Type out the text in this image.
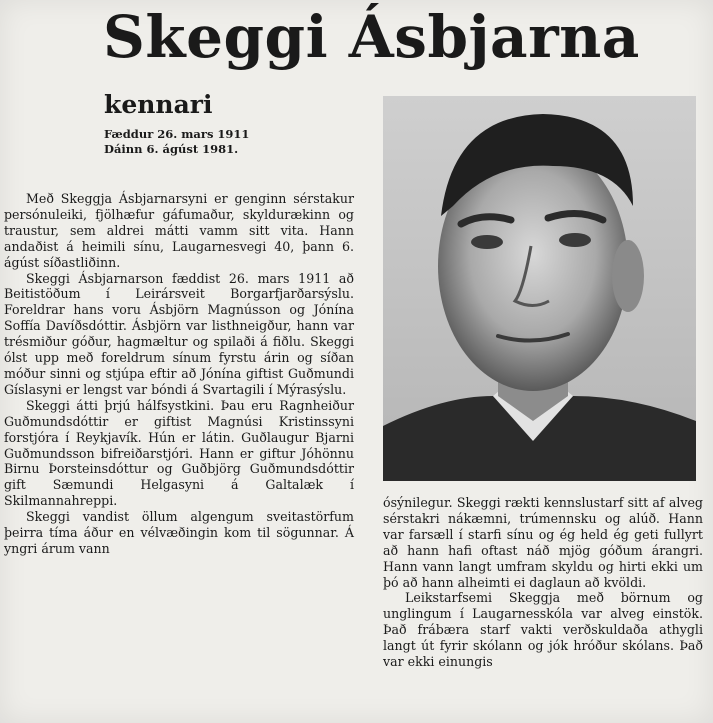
Skeggi Ásbjarna
kennari
Fæddur 26. mars 1911
Dáinn 6. ágúst 1981.

Með Skeggja Ásbjarnarsyni er genginn sérstakur persónuleiki, fjölhæfur gáfumaður, skyldurækinn og traustur, sem aldrei mátti vamm sitt vita. Hann andaðist á heimili sínu, Laugarnesvegi 40, þann 6. ágúst síðastliðinn.

Skeggi Ásbjarnarson fæddist 26. mars 1911 að Beitistöðum í Leirársveit Borgarfjarðarsýslu. Foreldrar hans voru Ásbjörn Magnússon og Jónína Soffía Davíðsdóttir. Ásbjörn var listhneigður, hann var trésmiður góður, hagmæltur og spilaði á fiðlu. Skeggi ólst upp með foreldrum sínum fyrstu árin og síðan móður sinni og stjúpa eftir að Jónína giftist Guðmundi Gíslasyni er lengst var bóndi á Svartagili í Mýrasýslu.

Skeggi átti þrjú hálfsystkini. Þau eru Ragnheiður Guðmundsdóttir er giftist Magnúsi Kristinssyni forstjóra í Reykjavík. Hún er látin. Guðlaugur Bjarni Guðmundsson bifreiðarstjóri. Hann er giftur Jóhönnu Birnu Þorsteinsdóttur og Guðbjörg Guðmundsdóttir gift Sæmundi Helgasyni á Galtalæk í Skilmannahreppi.

Skeggi vandist öllum algengum sveitastörfum þeirra tíma áður en vélvæðingin kom til sögunnar. Á yngri árum vann

ósýnilegur. Skeggi rækti kennslustarf sitt af alveg sérstakri nákæmni, trúmennsku og alúð. Hann var farsæll í starfi sínu og ég held ég geti fullyrt að hann hafi oftast náð mjög góðum árangri. Hann vann langt umfram skyldu og hirti ekki um þó að hann alheimti ei daglaun að kvöldi.

Leikstarfsemi Skeggja með börnum og unglingum í Laugarnesskóla var alveg einstök. Það frábæra starf vakti verðskuldaða athygli langt út fyrir skólann og jók hróður skólans. Það var ekki einungis
